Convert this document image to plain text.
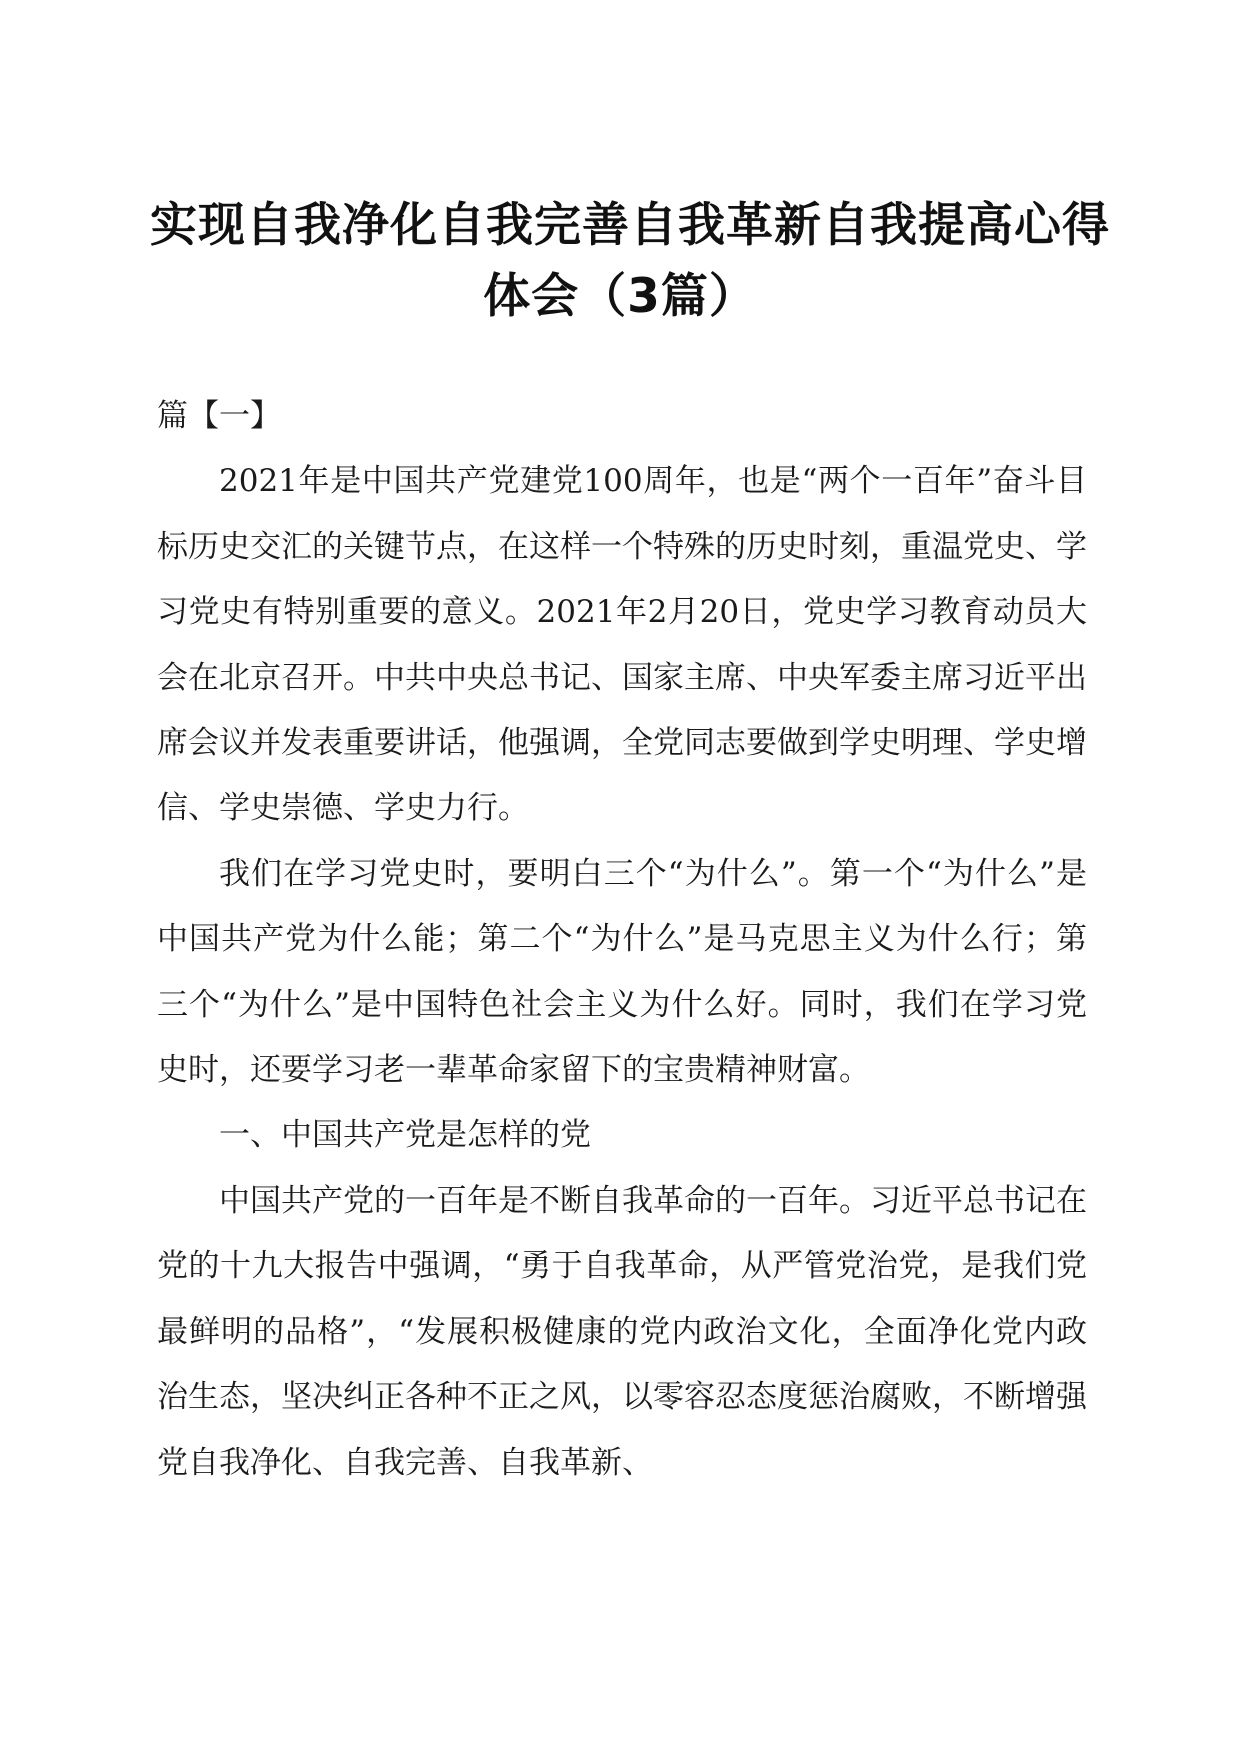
实现自我净化自我完善自我革新自我提高心得
体会（3篇）

篇【一】

2021年是中国共产党建党100周年，也是“两个一百年”奋斗目标历史交汇的关键节点，在这样一个特殊的历史时刻，重温党史、学习党史有特别重要的意义。2021年2月20日，党史学习教育动员大会在北京召开。中共中央总书记、国家主席、中央军委主席习近平出席会议并发表重要讲话，他强调，全党同志要做到学史明理、学史增信、学史崇德、学史力行。

我们在学习党史时，要明白三个“为什么”。第一个“为什么”是中国共产党为什么能；第二个“为什么”是马克思主义为什么行；第三个“为什么”是中国特色社会主义为什么好。同时，我们在学习党史时，还要学习老一辈革命家留下的宝贵精神财富。

一、中国共产党是怎样的党

中国共产党的一百年是不断自我革命的一百年。习近平总书记在党的十九大报告中强调，“勇于自我革命，从严管党治党，是我们党最鲜明的品格”，“发展积极健康的党内政治文化，全面净化党内政治生态，坚决纠正各种不正之风，以零容忍态度惩治腐败，不断增强党自我净化、自我完善、自我革新、
